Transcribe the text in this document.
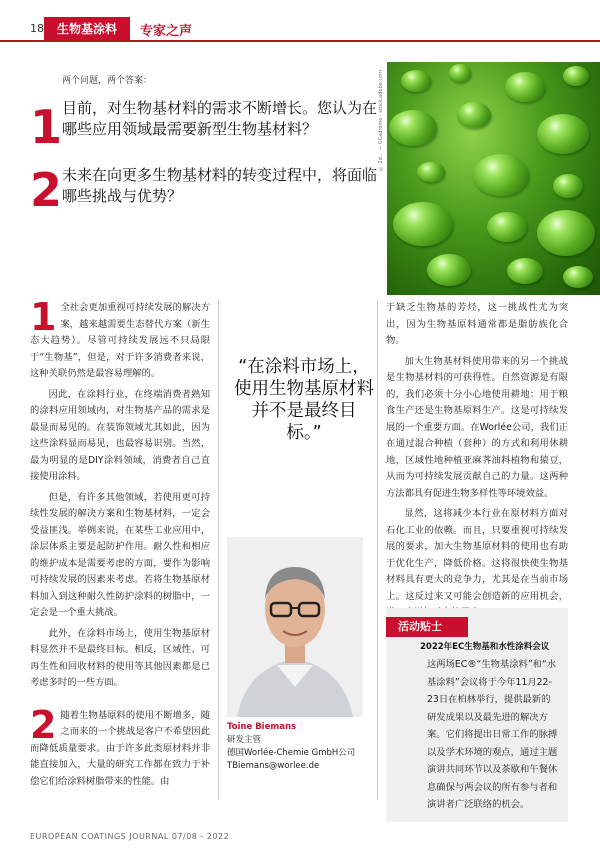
18	生物基涂料	专家之声
两个问题，两个答案：
1 目前，对生物基材料的需求不断增长。您认为在哪些应用领域最需要新型生物基材料？
2 未来在向更多生物基材料的转变过程中，将面临哪些挑战与优势？
© 2d... — GCadrome - stock.adobe.com

1 全社会更加重视可持续发展的解决方案，越来越需要生态替代方案（新生态大趋势）。尽管可持续发展远不只局限于“生物基”，但是，对于许多消费者来说，这种关联仍然是最容易理解的。

因此，在涂料行业，在终端消费者熟知的涂料应用领域内，对生物基产品的需求是最显而易见的。在装饰领域尤其如此，因为这些涂料显而易见，也最容易识别。当然，最为明显的是DIY涂料领域，消费者自己直接使用涂料。

但是，有许多其他领域，若使用更可持续性发展的解决方案和生物基材料，一定会受益匪浅。举例来说，在某些工业应用中，涂层体系主要是起防护作用。耐久性和相应的维护成本是需要考虑的方面，要作为影响可持续发展的因素来考虑。若将生物基原材料加入到这种耐久性防护涂料的树脂中，一定会是一个重大挑战。

此外，在涂料市场上，使用生物基原材料显然并不是最终目标。相反，区域性、可再生性和回收材料的使用等其他因素都是已考虑多时的一些方面。

2 随着生物基原料的使用不断增多，随之而来的一个挑战是客户不希望因此而降低质量要求。由于许多此类原材料并非能直接加入，大量的研究工作都在致力于补偿它们给涂料树脂带来的性能。由

“在涂料市场上，使用生物基原材料并不是最终目标。”
Toine Biemans
研发主管
德国Worlée-Chemie GmbH公司
TBiemans@worlee.de

于缺乏生物基的芳烃，这一挑战性尤为突出，因为生物基原料通常都是脂肪族化合物。

加大生物基材料使用带来的另一个挑战是生物基材料的可获得性。自然资源是有限的，我们必须十分小心地使用耕地：用于粮食生产还是生物基原料生产。这是可持续发展的一个重要方面。在Worlée公司，我们正在通过混合种植（套种）的方式和利用休耕地，区域性地种植亚麻荠油料植物和猿豆，从而为可持续发展贡献自己的力量。这两种方法都具有促进生物多样性等环境效益。

显然，这将减少本行业在原材料方面对石化工业的依赖。而且，只要重视可持续发展的要求，加大生物基原材料的使用也有助于优化生产，降低价格。这将很快使生物基材料具有更大的竞争力，尤其是在当前市场上。这反过来又可能会创造新的应用机会，

活动贴士
2022年EC生物基和水性涂料会议
这两场EC®“生物基涂料”和“水基涂料”会议将于今年11月22-23日在柏林举行，提供最新的研发成果以及最先进的解决方案。它们将提出日常工作的脉搏以及学术环境的观点，通过主题演讲共同环节以及茶歇和午餐休息确保与两会议的所有参与者和演讲者广泛联络的机会。
EUROPEAN COATINGS JOURNAL 07/08 - 2022
